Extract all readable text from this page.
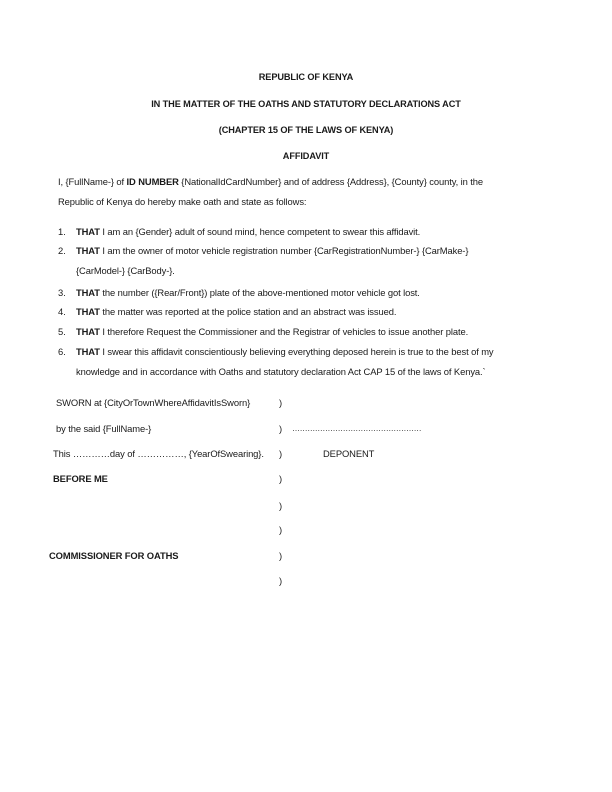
REPUBLIC OF KENYA
IN THE MATTER OF THE OATHS AND STATUTORY DECLARATIONS ACT
(CHAPTER 15 OF THE LAWS OF KENYA)
AFFIDAVIT
I, {FullName-} of ID NUMBER {NationalIdCardNumber} and of address {Address}, {County} county, in the
Republic of Kenya do hereby make oath and state as follows:
1.	THAT I am an {Gender} adult of sound mind, hence competent to swear this affidavit.
2.	THAT I am the owner of motor vehicle registration number {CarRegistrationNumber-} {CarMake-}
{CarModel-} {CarBody-}.
3.	THAT the number ({Rear/Front}) plate of the above-mentioned motor vehicle got lost.
4.	THAT the matter was reported at the police station and an abstract was issued.
5.	THAT I therefore Request the Commissioner and the Registrar of vehicles to issue another plate.
6.	THAT I swear this affidavit conscientiously believing everything deposed herein is true to the best of my
knowledge and in accordance with Oaths and statutory declaration Act CAP 15 of the laws of Kenya.`
SWORN at {CityOrTownWhereAffidavitIsSworn}	)
by the said {FullName-}	) ……………………………………………
This …………day of ……………, {YearOfSwearing}. )	DEPONENT
BEFORE ME	)
)
)
COMMISSIONER FOR OATHS	)
)
